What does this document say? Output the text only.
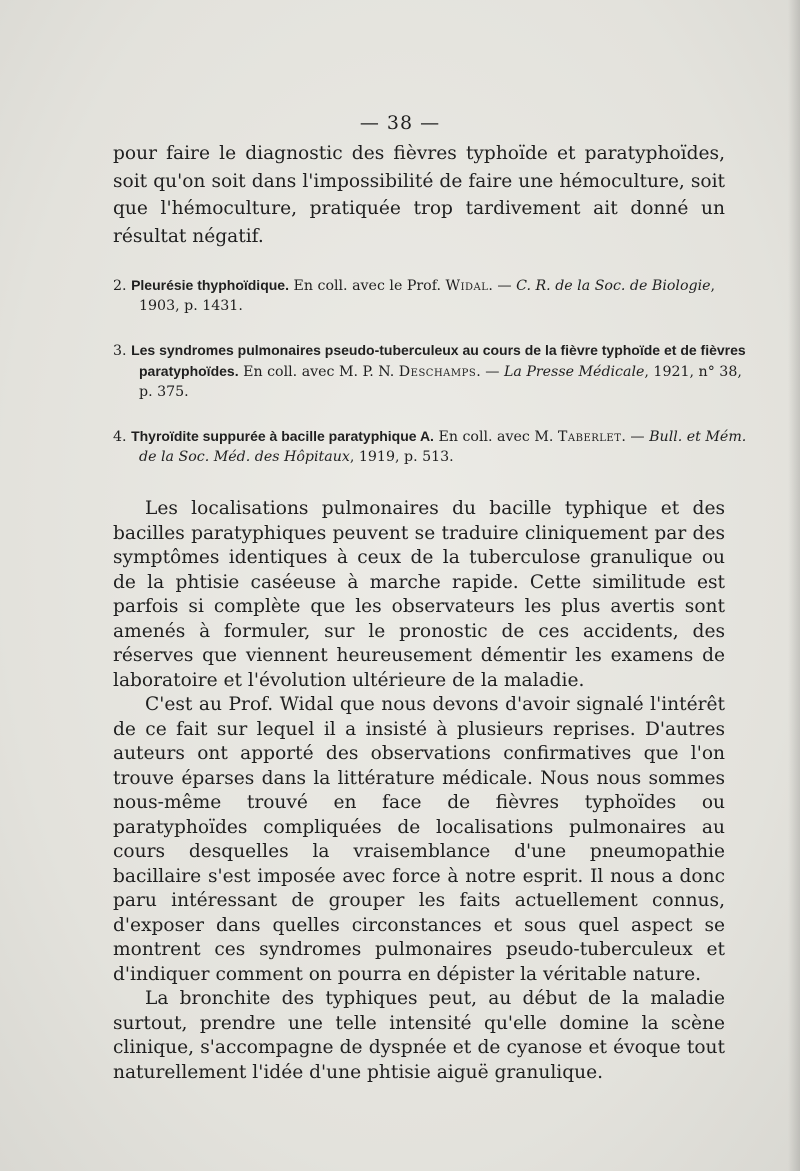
— 38 —
pour faire le diagnostic des fièvres typhoïde et paratyphoïdes, soit qu'on soit dans l'impossibilité de faire une hémoculture, soit que l'hémoculture, pratiquée trop tardivement ait donné un résultat négatif.
2. Pleurésie thyphoïdique. En coll. avec le Prof. Widal. — C. R. de la Soc. de Biologie, 1903, p. 1431.
3. Les syndromes pulmonaires pseudo-tuberculeux au cours de la fièvre typhoïde et de fièvres paratyphoïdes. En coll. avec M. P. N. Deschamps. — La Presse Médicale, 1921, n° 38, p. 375.
4. Thyroïdite suppurée à bacille paratyphique A. En coll. avec M. Taberlet. — Bull. et Mém. de la Soc. Méd. des Hôpitaux, 1919, p. 513.

Les localisations pulmonaires du bacille typhique et des bacilles paratyphiques peuvent se traduire cliniquement par des symptômes identiques à ceux de la tuberculose granulique ou de la phtisie caséeuse à marche rapide. Cette similitude est parfois si complète que les observateurs les plus avertis sont amenés à formuler, sur le pronostic de ces accidents, des réserves que viennent heureusement démentir les examens de laboratoire et l'évolution ultérieure de la maladie.

C'est au Prof. Widal que nous devons d'avoir signalé l'intérêt de ce fait sur lequel il a insisté à plusieurs reprises. D'autres auteurs ont apporté des observations confirmatives que l'on trouve éparses dans la littérature médicale. Nous nous sommes nous-même trouvé en face de fièvres typhoïdes ou paratyphoïdes compliquées de localisations pulmonaires au cours desquelles la vraisemblance d'une pneumopathie bacillaire s'est imposée avec force à notre esprit. Il nous a donc paru intéressant de grouper les faits actuellement connus, d'exposer dans quelles circonstances et sous quel aspect se montrent ces syndromes pulmonaires pseudo-tuberculeux et d'indiquer comment on pourra en dépister la véritable nature.

La bronchite des typhiques peut, au début de la maladie surtout, prendre une telle intensité qu'elle domine la scène clinique, s'accompagne de dyspnée et de cyanose et évoque tout naturellement l'idée d'une phtisie aiguë granulique.
